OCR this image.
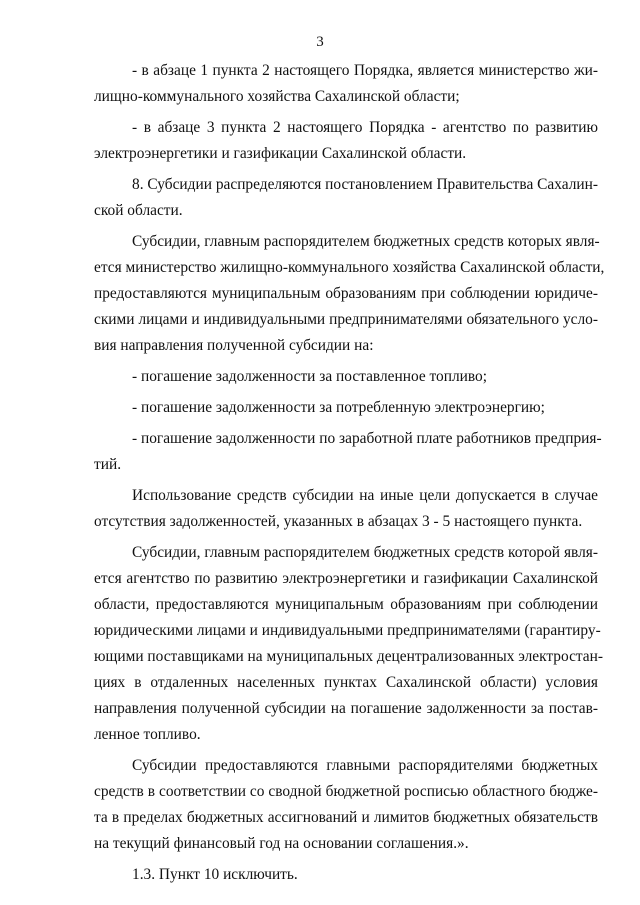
3
- в абзаце 1 пункта 2 настоящего Порядка, является министерство жи-
лищно-коммунального хозяйства Сахалинской области;
- в абзаце 3 пункта 2 настоящего Порядка - агентство по развитию
электроэнергетики и газификации Сахалинской области.
8. Субсидии распределяются постановлением Правительства Сахалин-
ской области.
Субсидии, главным распорядителем бюджетных средств которых явля-
ется министерство жилищно-коммунального хозяйства Сахалинской области,
предоставляются муниципальным образованиям при соблюдении юридиче-
скими лицами и индивидуальными предпринимателями обязательного усло-
вия направления полученной субсидии на:
- погашение задолженности за поставленное топливо;
- погашение задолженности за потребленную электроэнергию;
- погашение задолженности по заработной плате работников предприя-
тий.
Использование средств субсидии на иные цели допускается в случае
отсутствия задолженностей, указанных в абзацах 3 - 5 настоящего пункта.
Субсидии, главным распорядителем бюджетных средств которой явля-
ется агентство по развитию электроэнергетики и газификации Сахалинской
области, предоставляются муниципальным образованиям при соблюдении
юридическими лицами и индивидуальными предпринимателями (гарантиру-
ющими поставщиками на муниципальных децентрализованных электростан-
циях в отдаленных населенных пунктах Сахалинской области) условия
направления полученной субсидии на погашение задолженности за постав-
ленное топливо.
Субсидии предоставляются главными распорядителями бюджетных
средств в соответствии со сводной бюджетной росписью областного бюдже-
та в пределах бюджетных ассигнований и лимитов бюджетных обязательств
на текущий финансовый год на основании соглашения.».
1.3. Пункт 10 исключить.
